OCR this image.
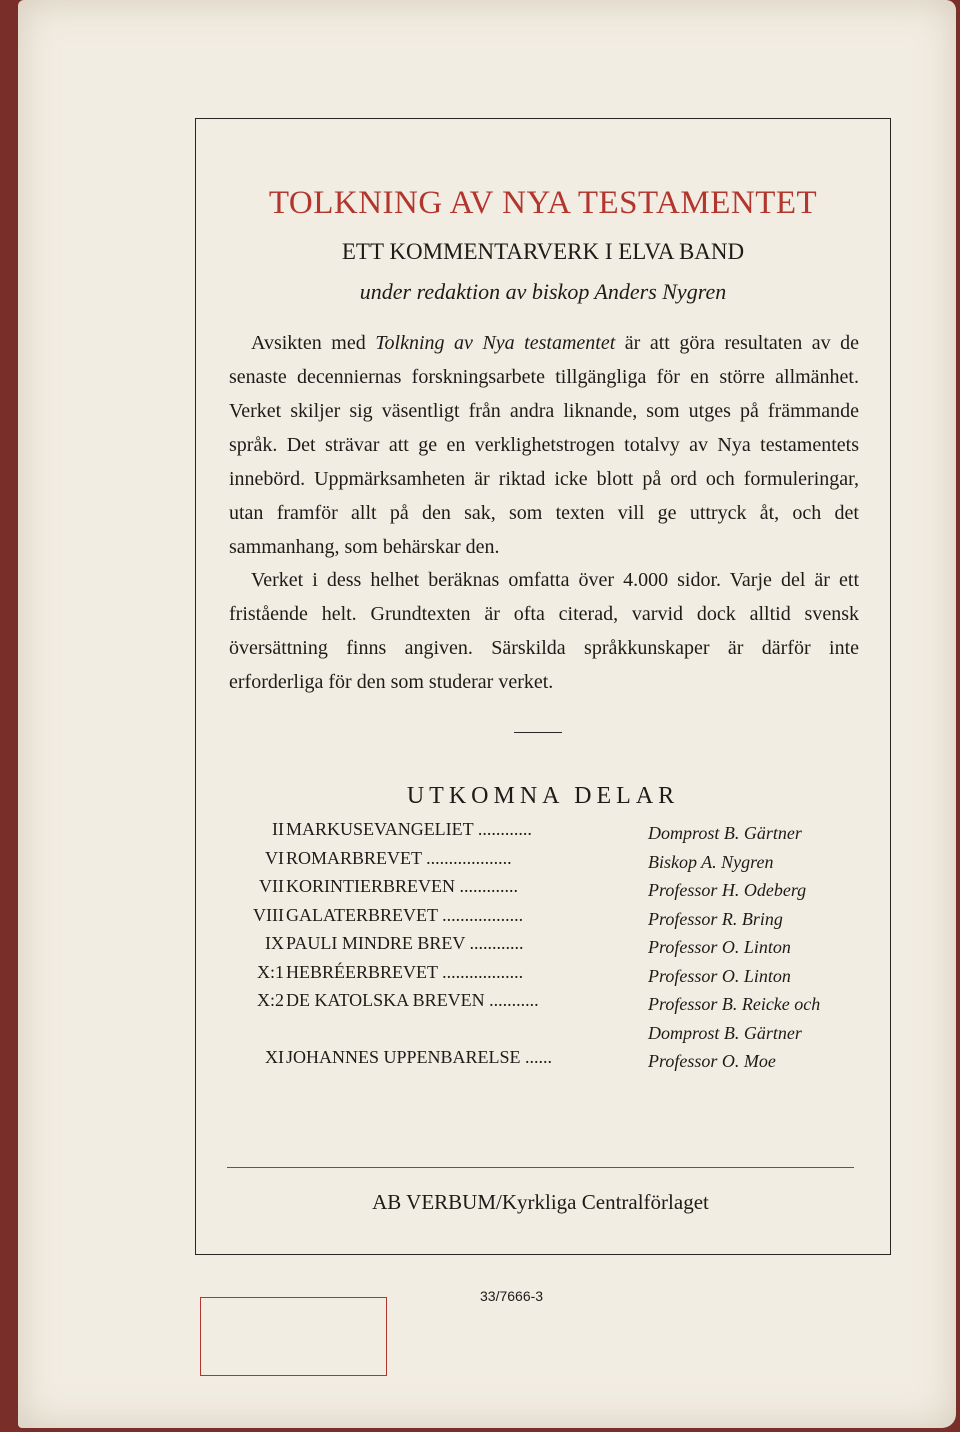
TOLKNING AV NYA TESTAMENTET
ETT KOMMENTARVERK I ELVA BAND
under redaktion av biskop Anders Nygren

Avsikten med Tolkning av Nya testamentet är att göra resultaten av de senaste decenniernas forskningsarbete tillgängliga för en större allmänhet. Verket skiljer sig väsentligt från andra liknande, som utges på främmande språk. Det strävar att ge en verklighetstrogen totalvy av Nya testamentets innebörd. Uppmärksamheten är riktad icke blott på ord och formuleringar, utan framför allt på den sak, som texten vill ge uttryck åt, och det sammanhang, som behärskar den.

Verket i dess helhet beräknas omfatta över 4.000 sidor. Varje del är ett fristående helt. Grundtexten är ofta citerad, varvid dock alltid svensk översättning finns angiven. Särskilda språkkunskaper är därför inte erforderliga för den som studerar verket.

UTKOMNA DELAR
II MARKUSEVANGELIET ............	Domprost B. Gärtner
VI ROMARBREVET ...................	Biskop A. Nygren
VII KORINTIERBREVEN .............	Professor H. Odeberg
VIII GALATERBREVET ..................	Professor R. Bring
IX PAULI MINDRE BREV ............	Professor O. Linton
X:1 HEBRÉERBREVET ..................	Professor O. Linton
X:2 DE KATOLSKA BREVEN ...........	Professor B. Reicke och
Domprost B. Gärtner
XI JOHANNES UPPENBARELSE ......	Professor O. Moe
AB VERBUM/Kyrkliga Centralförlaget
33/7666-3
